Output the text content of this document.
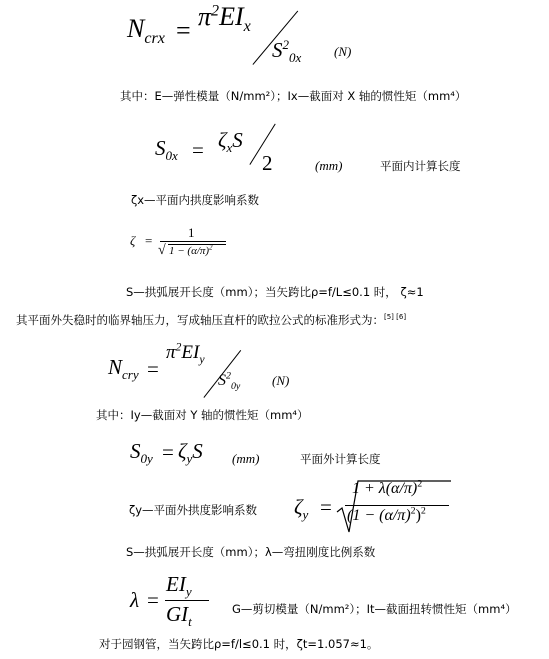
$N_{crx} = \pi^2EI_x$
$S^2_{0x}$	(N)
其中：E—弹性模量（N/mm²）；Ix—截面对 X 轴的惯性矩（mm⁴）
$S_{0x} = \zeta_xS$
2	(mm)	平面内计算长度
ζx—平面内拱度影响系数
ζ =
1
√ $1 - (\alpha/\pi)^2$
S—拱弧展开长度（mm）；当矢跨比ρ=f/L≤0.1 时， ζ≈1
其平面外失稳时的临界轴压力，写成轴压直杆的欧拉公式的标准形式为：[5] [6]
$N_{cry}$ =
$\pi^2EI_y$
$S^2_{0y}$ (N)
其中：Iy—截面对 Y 轴的惯性矩（mm⁴）
$S_{0y} = \zeta_yS$ (mm)	平面外计算长度
ζy—平面外拱度影响系数 $\zeta_y$ =
$1 + \lambda(\alpha/\pi)^2$
$(1 - (\alpha/\pi)^2)^2$
S—拱弧展开长度（mm）；λ—弯扭刚度比例系数
λ =
$EI_y$
$GI_t$
G—剪切模量（N/mm²）；It—截面扭转惯性矩（mm⁴）
对于园钢管，当矢跨比ρ=f/l≤0.1 时，ζt=1.057≈1。
